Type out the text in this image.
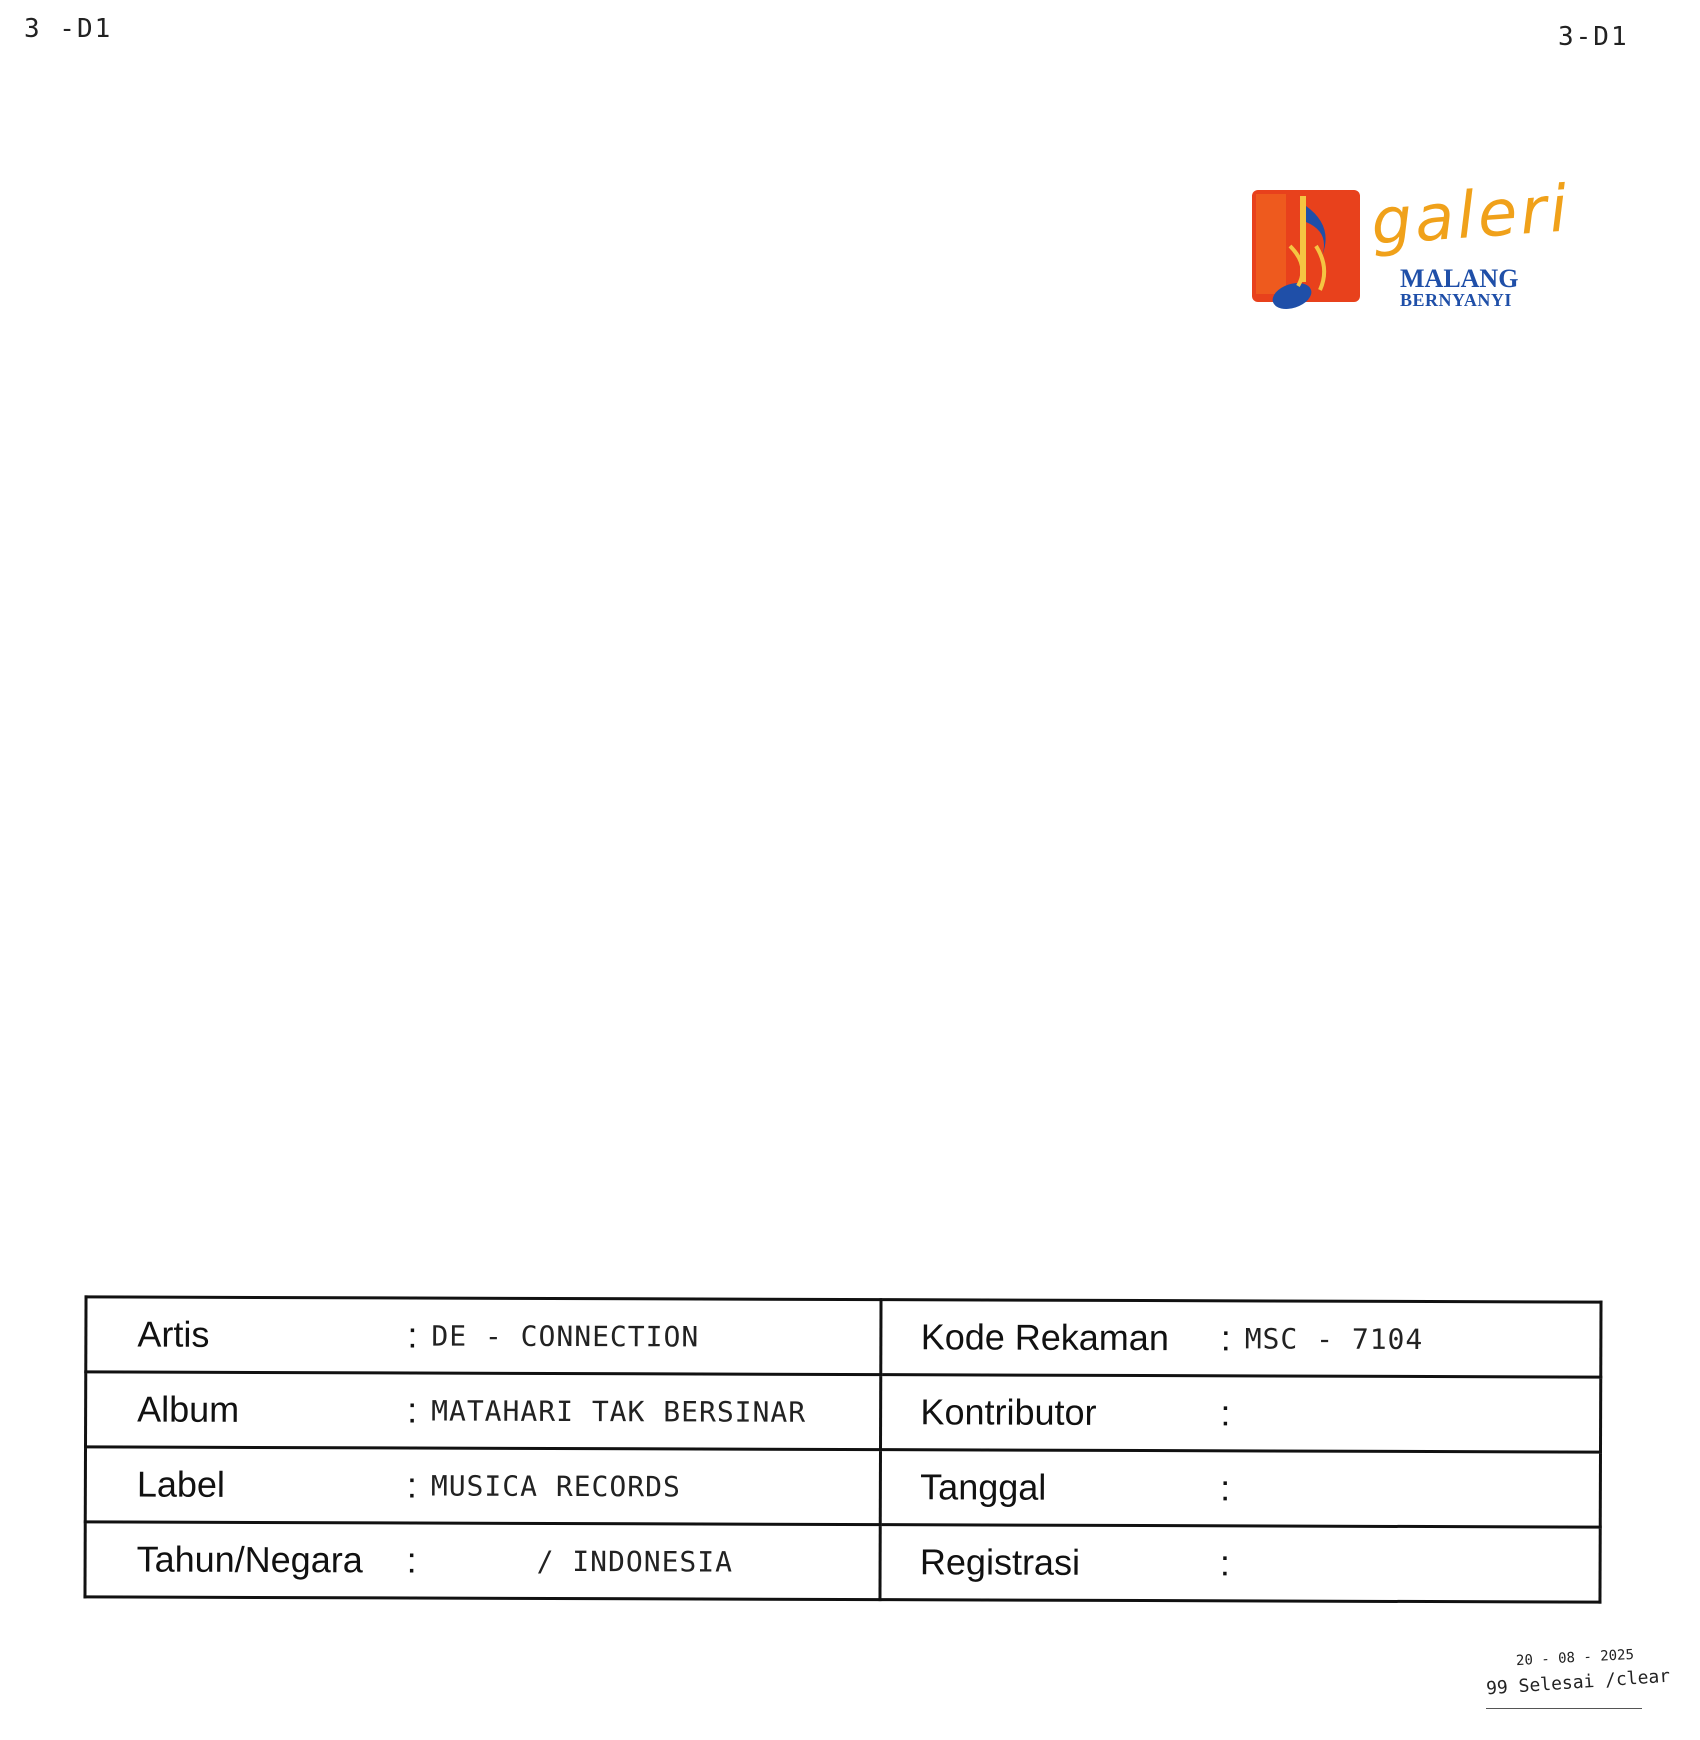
3 -D1	3-D1
galeri
MALANG
BERNYANYI
Artis : DE - CONNECTION	Kode Rekaman : MSC - 7104

Album : MATAHARI TAK BERSINAR	Kontributor :

Label : MUSICA RECORDS	Tanggal :

Tahun/Negara : / INDONESIA	Registrasi :
20 - 08 - 2025
99 Selesai /clear
